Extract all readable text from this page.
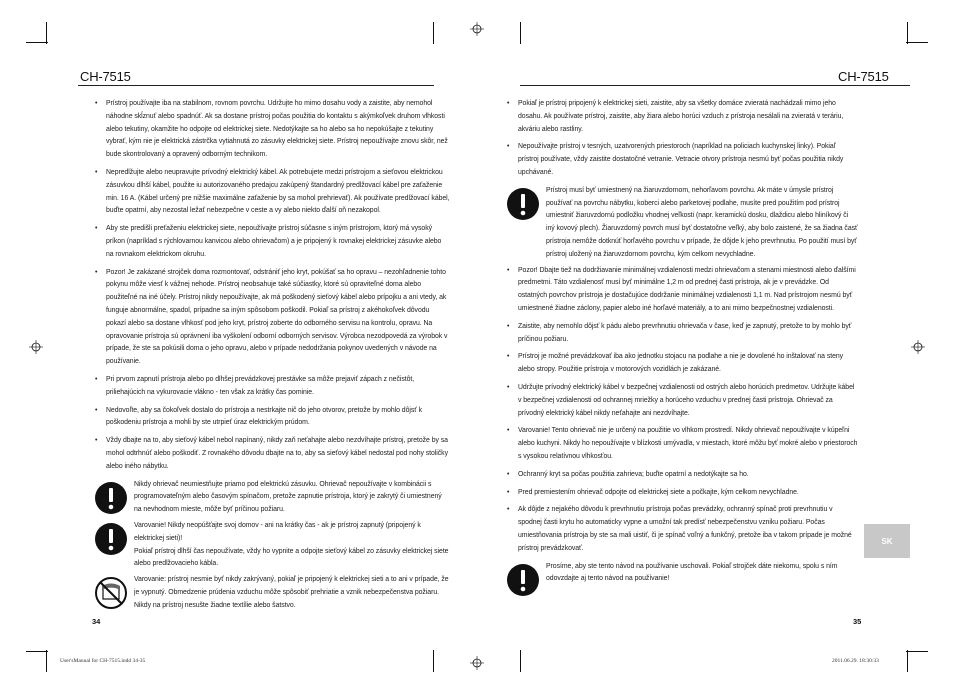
CH-7515
• Prístroj používajte iba na stabilnom, rovnom povrchu. Udržujte ho mimo dosahu vody a zaistite, aby nemohol náhodne skĺznuť alebo spadnúť. Ak sa dostane prístroj počas použitia do kontaktu s akýmkoľvek druhom vlhkosti alebo tekutiny, okamžite ho odpojte od elektrickej siete. Nedotýkajte sa ho alebo sa ho nepokúšajte z tekutiny vybrať, kým nie je elektrická zástrčka vytiahnutá zo zásuvky elektrickej siete. Prístroj nepoužívajte znovu skôr, než bude skontrolovaný a opravený odborným technikom.
• Nepredlžujte alebo neupravujte prívodný elektrický kábel. Ak potrebujete medzi prístrojom a sieťovou elektrickou zásuvkou dlhší kábel, použite iu autorizovaného predajcu zakúpený štandardný predlžovací kábel pre zaťaženie min. 16 A. (Kábel určený pre nižšie maximálne zaťaženie by sa mohol prehrievať). Ak používate predlžovací kábel, buďte opatrní, aby nezostal ležať nebezpečne v ceste a vy alebo niekto ďalší oň nezakopol.
• Aby ste predišli preťaženiu elektrickej siete, nepoužívajte prístroj súčasne s iným prístrojom, ktorý má vysoký príkon (napríklad s rýchlovarnou kanvicou alebo ohrievačom) a je pripojený k rovnakej elektrickej zásuvke alebo na rovnakom elektrickom okruhu.
• Pozor! Je zakázané strojček doma rozmontovať, odstrániť jeho kryt, pokúšať sa ho opravu – nezohľadnenie tohto pokynu môže viesť k vážnej nehode. Prístroj neobsahuje také súčiastky, ktoré sú opraviteľné doma alebo použiteľné na iné účely. Prístroj nikdy nepoužívajte, ak má poškodený sieťový kábel alebo prípojku a ani vtedy, ak funguje abnormálne, spadol, prípadne sa iným spôsobom poškodil. Pokiaľ sa prístroj z akéhokoľvek dôvodu pokazí alebo sa dostane vlhkosť pod jeho kryt, prístroj zoberte do odborného servisu na kontrolu, opravu. Na opravovanie prístroja sú oprávnení iba vyškolení odborní odborných servisov. Výrobca nezodpovedá za výrobok v prípade, že ste sa pokúsili doma o jeho opravu, alebo v prípade nedodržania pokynov uvedených v návode na používanie.
• Pri prvom zapnutí prístroja alebo po dlhšej prevádzkovej prestávke sa môže prejaviť zápach z nečistôt, priliehajúcich na vykurovacie vlákno - ten však za krátky čas pominie.
• Nedovoľte, aby sa čokoľvek dostalo do prístroja a nestrkajte nič do jeho otvorov, pretože by mohlo dôjsť k poškodeniu prístroja a mohli by ste utrpieť úraz elektrickým prúdom.
• Vždy dbajte na to, aby sieťový kábel nebol napínaný, nikdy zaň neťahajte alebo nezdvíhajte prístroj, pretože by sa mohol odtrhnúť alebo poškodiť. Z rovnakého dôvodu dbajte na to, aby sa sieťový kábel nedostal pod nohy stoličky alebo iného nábytku.

Nikdy ohrievač neumiestňujte priamo pod elektrickú zásuvku. Ohrievač nepoužívajte v kombinácii s programovateľným alebo časovým spínačom, pretože zapnutie prístroja, ktorý je zakrytý či umiestnený na nevhodnom mieste, môže byť príčinou požiaru.

Varovanie! Nikdy neopúšťajte svoj domov - ani na krátky čas - ak je prístroj zapnutý (pripojený k elektrickej sieti)!

Pokiaľ prístroj dlhší čas nepoužívate, vždy ho vypnite a odpojte sieťový kábel zo zásuvky elektrickej siete alebo predlžovacieho kábla.

Varovanie: prístroj nesmie byť nikdy zakrývaný, pokiaľ je pripojený k elektrickej sieti a to ani v prípade, že je vypnutý. Obmedzenie prúdenia vzduchu môže spôsobiť prehriatie a vznik nebezpečenstva požiaru. Nikdy na prístroj nesušte žiadne textílie alebo šatstvo.

34
CH-7515
• Pokiaľ je prístroj pripojený k elektrickej sieti, zaistite, aby sa všetky domáce zvieratá nachádzali mimo jeho dosahu. Ak používate prístroj, zaistite, aby žiara alebo horúci vzduch z prístroja nesálali na zvieratá v teráriu, akváriu alebo rastliny.
• Nepoužívajte prístroj v tesných, uzatvorených priestoroch (napríklad na policiach kuchynskej linky). Pokiaľ prístroj používate, vždy zaistite dostatočné vetranie. Vetracie otvory prístroja nesmú byť počas použitia nikdy upchávané.

Prístroj musí byť umiestnený na žiaruvzdornom, nehorľavom povrchu. Ak máte v úmysle prístroj používať na povrchu nábytku, koberci alebo parketovej podlahe, musíte pred použitím pod prístroj umiestniť žiaruvzdornú podložku vhodnej veľkosti (napr. keramickú dosku, dlaždicu alebo hliníkový či iný kovový plech). Žiaruvzdorný povrch musí byť dostatočne veľký, aby bolo zaistené, že sa žiadna časť prístroja nemôže dotknúť horľavého povrchu v prípade, že dôjde k jeho prevrhnutiu. Po použití musí byť prístroj uložený na žiaruvzdornom povrchu, kým celkom nevychladne.

• Pozor! Dbajte tiež na dodržiavanie minimálnej vzdialenosti medzi ohrievačom a stenami miestnosti alebo ďalšími predmetmi. Táto vzdialenosť musí byť minimálne 1,2 m od prednej časti prístroja, ak je v prevádzke. Od ostatných povrchov prístroja je dostačujúce dodržanie minimálnej vzdialenosti 1,1 m. Nad prístrojom nesmú byť umiestnené žiadne záclony, papier alebo iné horľavé materiály, a to ani mimo bezpečnostnej vzdialenosti.
• Zaistite, aby nemohlo dôjsť k pádu alebo prevrhnutiu ohrievača v čase, keď je zapnutý, pretože to by mohlo byť príčinou požiaru.
• Prístroj je možné prevádzkovať iba ako jednotku stojacu na podlahe a nie je dovolené ho inštalovať na steny alebo stropy. Použitie prístroja v motorových vozidlách je zakázané.
• Udržujte prívodný elektrický kábel v bezpečnej vzdialenosti od ostrých alebo horúcich predmetov. Udržujte kábel v bezpečnej vzdialenosti od ochrannej mriežky a horúceho vzduchu v prednej časti prístroja. Ohrievač za prívodný elektrický kábel nikdy neťahajte ani nezdvíhajte.
• Varovanie! Tento ohrievač nie je určený na použitie vo vlhkom prostredí. Nikdy ohrievač nepoužívajte v kúpeľni alebo kuchyni. Nikdy ho nepoužívajte v blízkosti umývadla, v miestach, ktoré môžu byť mokré alebo v priestoroch s vysokou relatívnou vlhkosťou.
• Ochranný kryt sa počas použitia zahrieva; buďte opatrní a nedotýkajte sa ho.
• Pred premiestením ohrievač odpojte od elektrickej siete a počkajte, kým celkom nevychladne.
• Ak dôjde z nejakého dôvodu k prevrhnutiu prístroja počas prevádzky, ochranný spínač proti prevrhnutiu v spodnej časti krytu ho automaticky vypne a umožní tak predísť nebezpečenstvu vzniku požiaru. Počas umiestňovania prístroja by ste sa mali uistiť, či je spínač voľný a funkčný, pretože iba v takom prípade je možné prístroj prevádzkovať.

Prosíme, aby ste tento návod na používanie uschovali. Pokiaľ strojček dáte niekomu, spolu s ním odovzdajte aj tento návod na používanie!

35
SK
User'sManual for CH-7515.indd 34-35	2011.06.29. 18:30:33
